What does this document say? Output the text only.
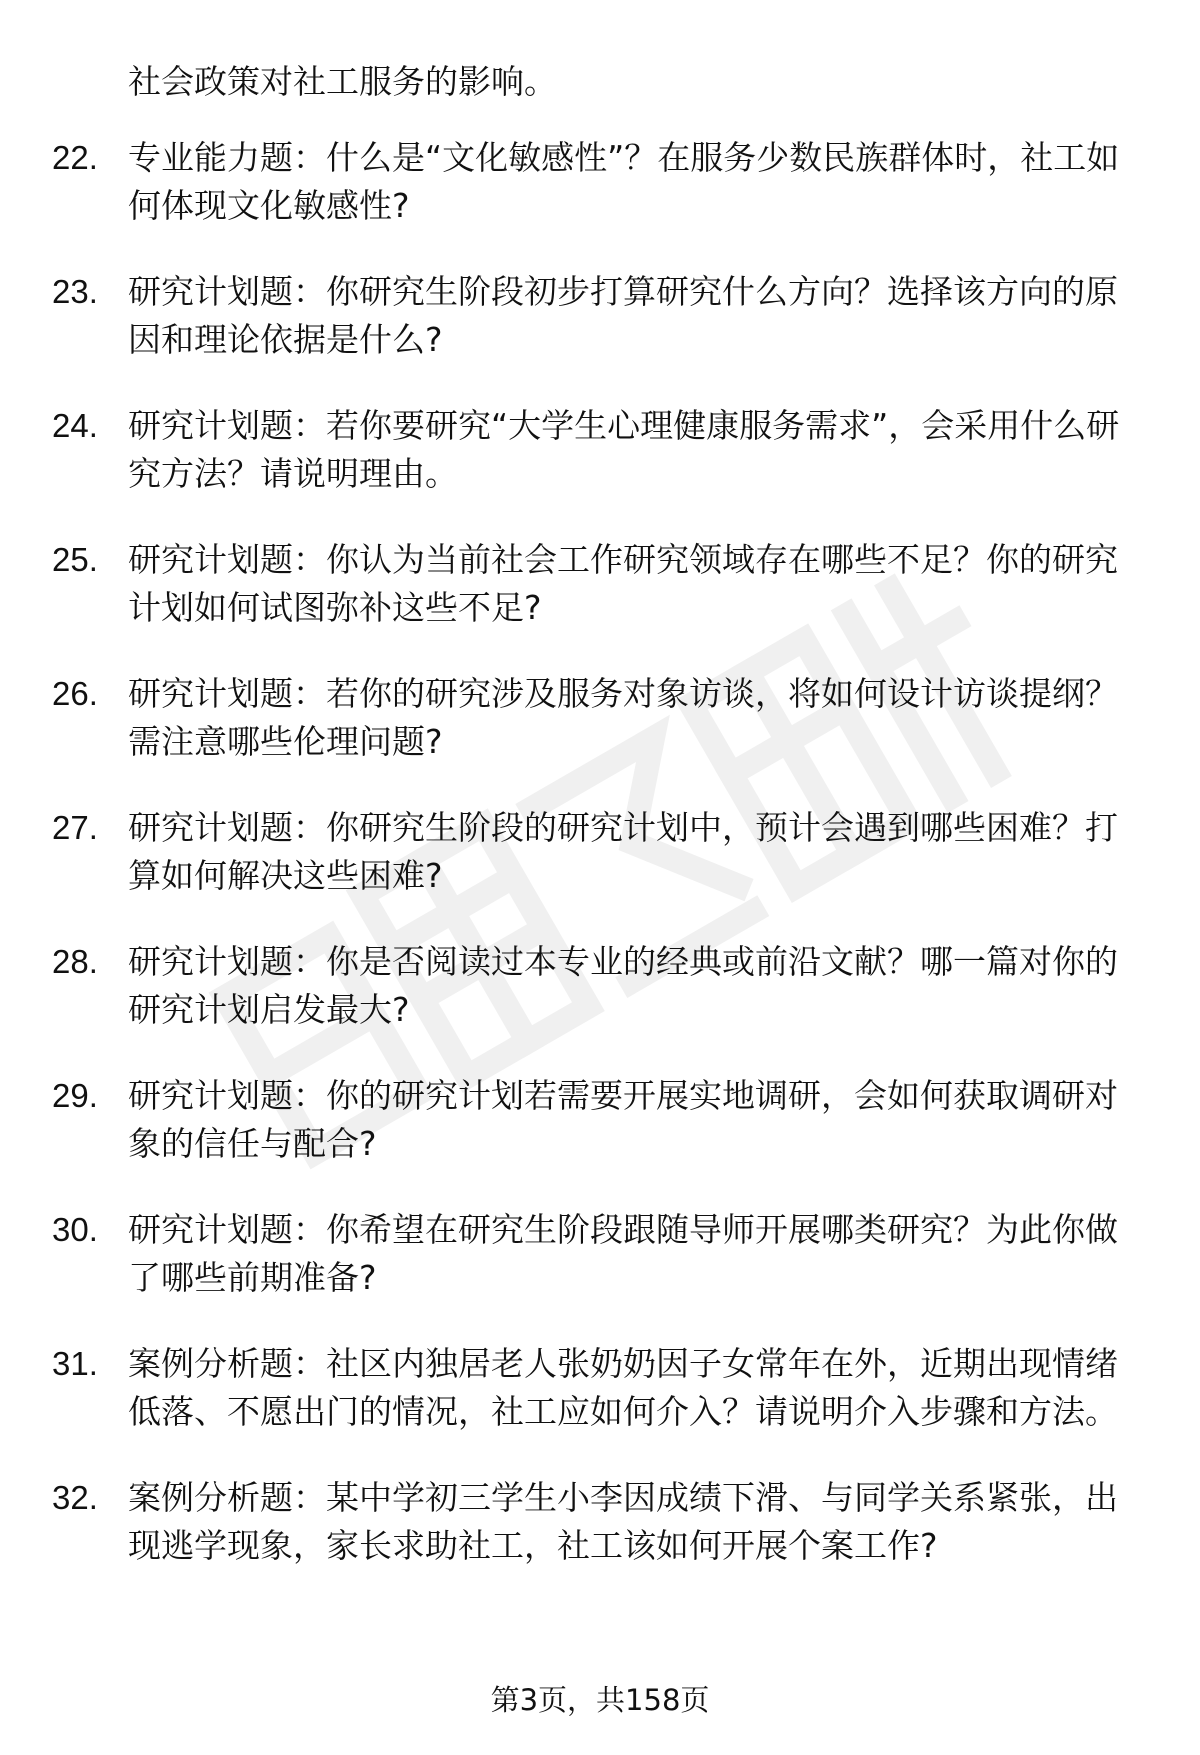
社会政策对社工服务的影响。

22. 专业能力题：什么是“文化敏感性”？在服务少数民族群体时，社工如何体现文化敏感性?

23. 研究计划题：你研究生阶段初步打算研究什么方向？选择该方向的原因和理论依据是什么?

24. 研究计划题：若你要研究“大学生心理健康服务需求”，会采用什么研究方法？请说明理由。

25. 研究计划题：你认为当前社会工作研究领域存在哪些不足？你的研究计划如何试图弥补这些不足?

26. 研究计划题：若你的研究涉及服务对象访谈，将如何设计访谈提纲？需注意哪些伦理问题?

27. 研究计划题：你研究生阶段的研究计划中，预计会遇到哪些困难？打算如何解决这些困难?

28. 研究计划题：你是否阅读过本专业的经典或前沿文献？哪一篇对你的研究计划启发最大?

29. 研究计划题：你的研究计划若需要开展实地调研，会如何获取调研对象的信任与配合?

30. 研究计划题：你希望在研究生阶段跟随导师开展哪类研究？为此你做了哪些前期准备?

31. 案例分析题：社区内独居老人张奶奶因子女常年在外，近期出现情绪低落、不愿出门的情况，社工应如何介入？请说明介入步骤和方法。

32. 案例分析题：某中学初三学生小李因成绩下滑、与同学关系紧张，出现逃学现象，家长求助社工，社工该如何开展个案工作?

第3页，共158页
